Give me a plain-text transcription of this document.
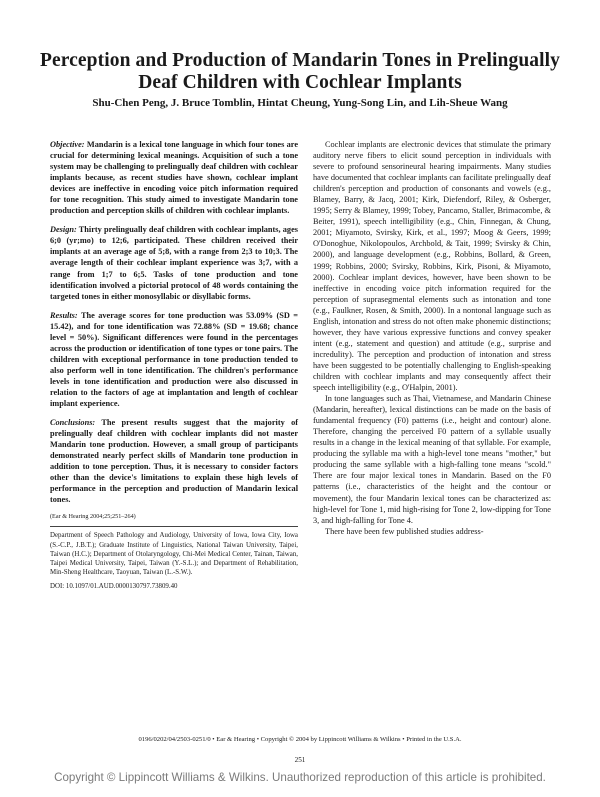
Perception and Production of Mandarin Tones in Prelingually Deaf Children with Cochlear Implants
Shu-Chen Peng, J. Bruce Tomblin, Hintat Cheung, Yung-Song Lin, and Lih-Sheue Wang

Objective: Mandarin is a lexical tone language in which four tones are crucial for determining lexical meanings. Acquisition of such a tone system may be challenging to prelingually deaf children with cochlear implants because, as recent studies have shown, cochlear implant devices are ineffective in encoding voice pitch information required for tone recognition. This study aimed to investigate Mandarin tone production and perception skills of children with cochlear implants.

Design: Thirty prelingually deaf children with cochlear implants, ages 6;0 (yr;mo) to 12;6, participated. These children received their implants at an average age of 5;8, with a range from 2;3 to 10;3. The average length of their cochlear implant experience was 3;7, with a range from 1;7 to 6;5. Tasks of tone production and tone identification involved a pictorial protocol of 48 words containing the targeted tones in either monosyllabic or disyllabic forms.

Results: The average scores for tone production was 53.09% (SD = 15.42), and for tone identification was 72.88% (SD = 19.68; chance level = 50%). Significant differences were found in the percentages across the production or identification of tone types or tone pairs. The children with exceptional performance in tone production tended to also perform well in tone identification. The children's performance levels in tone identification and production were also discussed in relation to the factors of age at implantation and length of cochlear implant experience.

Conclusions: The present results suggest that the majority of prelingually deaf children with cochlear implants did not master Mandarin tone production. However, a small group of participants demonstrated nearly perfect skills of Mandarin tone production in addition to tone perception. Thus, it is necessary to consider factors other than the device's limitations to explain these high levels of performance in the perception and production of Mandarin lexical tones.

(Ear & Hearing 2004;25;251–264)

Department of Speech Pathology and Audiology, University of Iowa, Iowa City, Iowa (S.-C.P., J.B.T.); Graduate Institute of Linguistics, National Taiwan University, Taipei, Taiwan (H.C.); Department of Otolaryngology, Chi-Mei Medical Center, Tainan, Taiwan, Taipei Medical University, Taipei, Taiwan (Y.-S.L.); and Department of Rehabilitation, Min-Sheng Healthcare, Taoyuan, Taiwan (L.-S.W.).

DOI: 10.1097/01.AUD.0000130797.73809.40

Cochlear implants are electronic devices that stimulate the primary auditory nerve fibers to elicit sound perception in individuals with severe to profound sensorineural hearing impairments. Many studies have documented that cochlear implants can facilitate prelingually deaf children's perception and production of consonants and vowels (e.g., Blamey, Barry, & Jacq, 2001; Kirk, Diefendorf, Riley, & Osberger, 1995; Serry & Blamey, 1999; Tobey, Pancamo, Staller, Brimacombe, & Beiter, 1991), speech intelligibility (e.g., Chin, Finnegan, & Chung, 2001; Miyamoto, Svirsky, Kirk, et al., 1997; Moog & Geers, 1999; O'Donoghue, Nikolopoulos, Archbold, & Tait, 1999; Svirsky & Chin, 2000), and language development (e.g., Robbins, Bollard, & Green, 1999; Robbins, 2000; Svirsky, Robbins, Kirk, Pisoni, & Miyamoto, 2000). Cochlear implant devices, however, have been shown to be ineffective in encoding voice pitch information required for the perception of suprasegmental elements such as intonation and tone (e.g., Faulkner, Rosen, & Smith, 2000). In a nontonal language such as English, intonation and stress do not often make phonemic distinctions; however, they have various expressive functions and convey speaker intent (e.g., statement and question) and attitude (e.g., surprise and incredulity). The perception and production of intonation and stress have been suggested to be potentially challenging to English-speaking children with cochlear implants and may consequently affect their speech intelligibility (e.g., O'Halpin, 2001).

In tone languages such as Thai, Vietnamese, and Mandarin Chinese (Mandarin, hereafter), lexical distinctions can be made on the basis of fundamental frequency (F0) patterns (i.e., height and contour) alone. Therefore, changing the perceived F0 pattern of a syllable usually results in a change in the lexical meaning of that syllable. For example, producing the syllable ma with a high-level tone means "mother," but producing the same syllable with a high-falling tone means "scold." There are four major lexical tones in Mandarin. Based on the F0 patterns (i.e., characteristics of the height and the contour or movement), the four Mandarin lexical tones can be characterized as: high-level for Tone 1, mid high-rising for Tone 2, low-dipping for Tone 3, and high-falling for Tone 4.

There have been few published studies address-

0196/0202/04/2503-0251/0 • Ear & Hearing • Copyright © 2004 by Lippincott Williams & Wilkins • Printed in the U.S.A.
251
Copyright © Lippincott Williams & Wilkins. Unauthorized reproduction of this article is prohibited.
